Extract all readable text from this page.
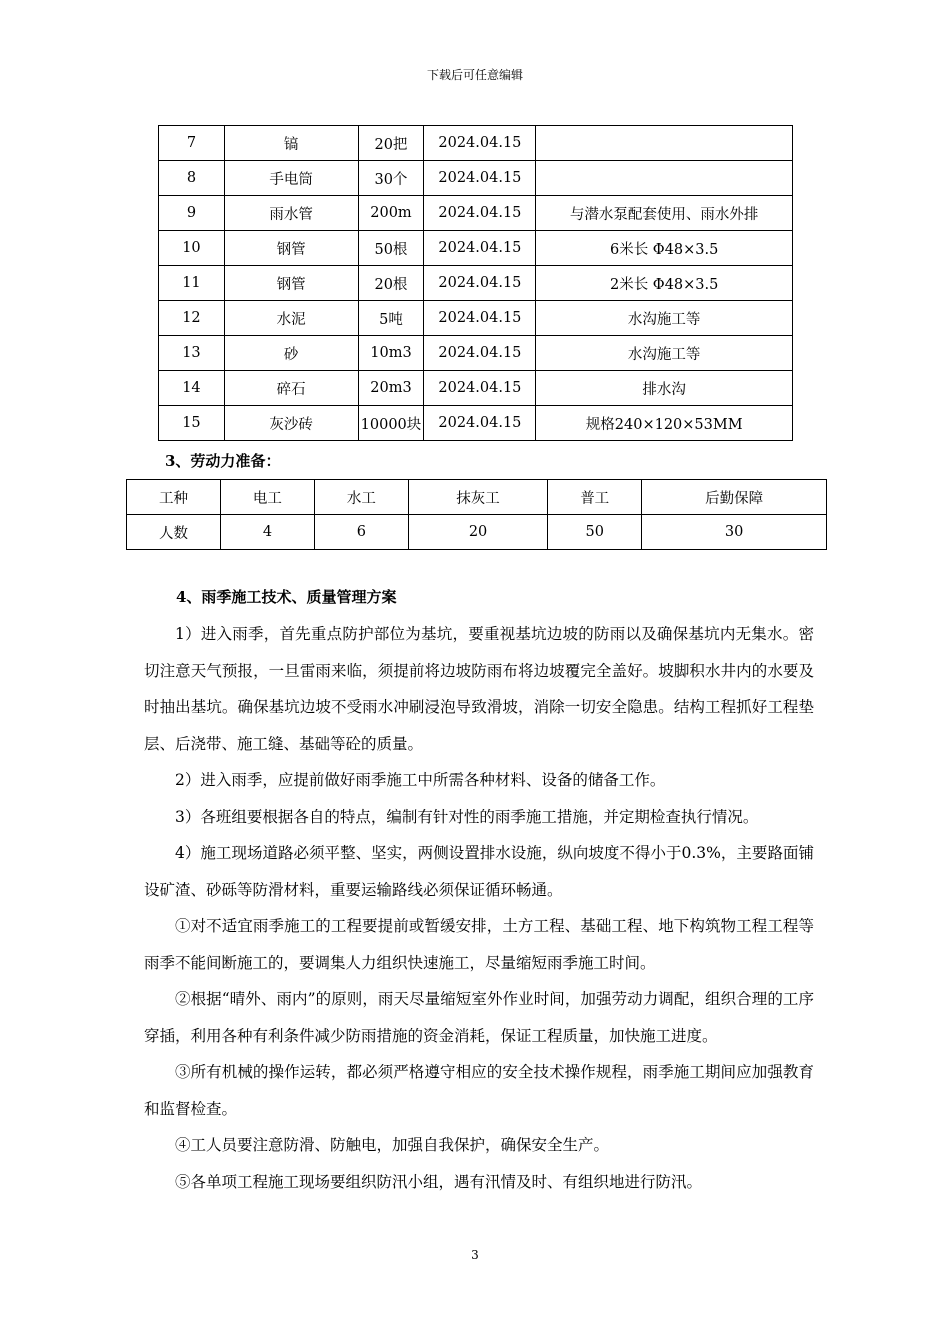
下载后可任意编辑
7	镐	20把	2024.04.15	
8	手电筒	30个	2024.04.15	
9	雨水管	200m	2024.04.15	与潜水泵配套使用、雨水外排
10	钢管	50根	2024.04.15	6米长 Φ48×3.5
11	钢管	20根	2024.04.15	2米长 Φ48×3.5
12	水泥	5吨	2024.04.15	水沟施工等
13	砂	10m3	2024.04.15	水沟施工等
14	碎石	20m3	2024.04.15	排水沟
15	灰沙砖	10000块	2024.04.15	规格240×120×53MM
3、劳动力准备：
工种	电工	水工	抹灰工	普工	后勤保障
人数	4	6	20	50	30
4、雨季施工技术、质量管理方案

1）进入雨季，首先重点防护部位为基坑，要重视基坑边坡的防雨以及确保基坑内无集水。密切注意天气预报，一旦雷雨来临，须提前将边坡防雨布将边坡覆完全盖好。坡脚积水井内的水要及时抽出基坑。确保基坑边坡不受雨水冲刷浸泡导致滑坡，消除一切安全隐患。结构工程抓好工程垫层、后浇带、施工缝、基础等砼的质量。

2）进入雨季，应提前做好雨季施工中所需各种材料、设备的储备工作。

3）各班组要根据各自的特点，编制有针对性的雨季施工措施，并定期检查执行情况。

4）施工现场道路必须平整、坚实，两侧设置排水设施，纵向坡度不得小于0.3%，主要路面铺设矿渣、砂砾等防滑材料，重要运输路线必须保证循环畅通。

①对不适宜雨季施工的工程要提前或暂缓安排，土方工程、基础工程、地下构筑物工程工程等雨季不能间断施工的，要调集人力组织快速施工，尽量缩短雨季施工时间。

②根据“晴外、雨内”的原则，雨天尽量缩短室外作业时间，加强劳动力调配，组织合理的工序穿插，利用各种有利条件减少防雨措施的资金消耗，保证工程质量，加快施工进度。

③所有机械的操作运转，都必须严格遵守相应的安全技术操作规程，雨季施工期间应加强教育和监督检查。

④工人员要注意防滑、防触电，加强自我保护，确保安全生产。

⑤各单项工程施工现场要组织防汛小组，遇有汛情及时、有组织地进行防汛。

3
